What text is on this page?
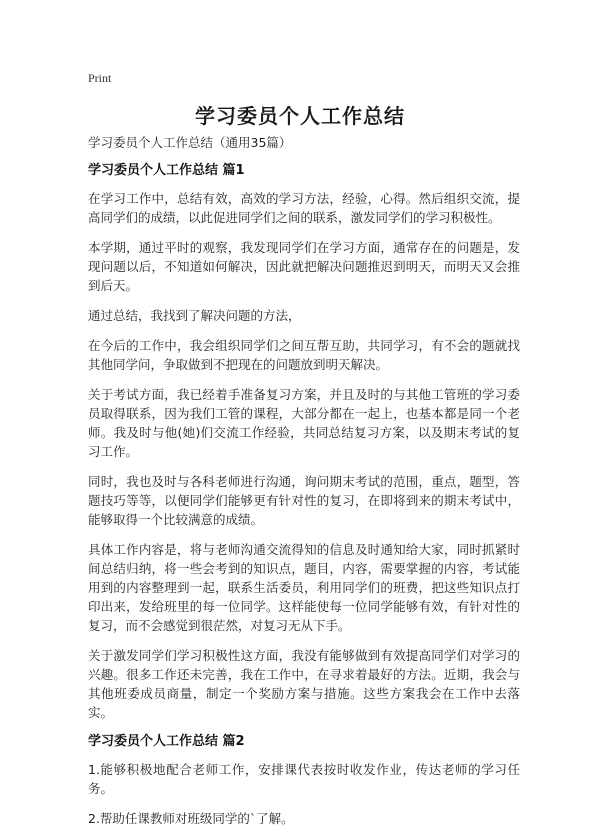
Print
学习委员个人工作总结

学习委员个人工作总结（通用35篇）

学习委员个人工作总结 篇1

在学习工作中，总结有效，高效的学习方法，经验，心得。然后组织交流，提高同学们的成绩，以此促进同学们之间的联系，激发同学们的学习积极性。

本学期，通过平时的观察，我发现同学们在学习方面，通常存在的问题是，发现问题以后，不知道如何解决，因此就把解决问题推迟到明天，而明天又会推到后天。

通过总结，我找到了解决问题的方法，

在今后的工作中，我会组织同学们之间互帮互助，共同学习，有不会的题就找其他同学问，争取做到不把现在的问题放到明天解决。

关于考试方面，我已经着手准备复习方案，并且及时的与其他工管班的学习委员取得联系，因为我们工管的课程，大部分都在一起上，也基本都是同一个老师。我及时与他(她)们交流工作经验，共同总结复习方案，以及期末考试的复习工作。

同时，我也及时与各科老师进行沟通，询问期末考试的范围，重点，题型，答题技巧等等，以便同学们能够更有针对性的复习，在即将到来的期末考试中，能够取得一个比较满意的成绩。

具体工作内容是，将与老师沟通交流得知的信息及时通知给大家，同时抓紧时间总结归纳，将一些会考到的知识点，题目，内容，需要掌握的内容，考试能用到的内容整理到一起，联系生活委员，利用同学们的班费，把这些知识点打印出来，发给班里的每一位同学。这样能使每一位同学能够有效，有针对性的复习，而不会感觉到很茫然，对复习无从下手。

关于激发同学们学习积极性这方面，我没有能够做到有效提高同学们对学习的兴趣。很多工作还未完善，我在工作中，在寻求着最好的方法。近期，我会与其他班委成员商量，制定一个奖励方案与措施。这些方案我会在工作中去落实。

学习委员个人工作总结 篇2

1.能够积极地配合老师工作，安排课代表按时收发作业，传达老师的学习任务。

2.帮助任课教师对班级同学的`了解。
